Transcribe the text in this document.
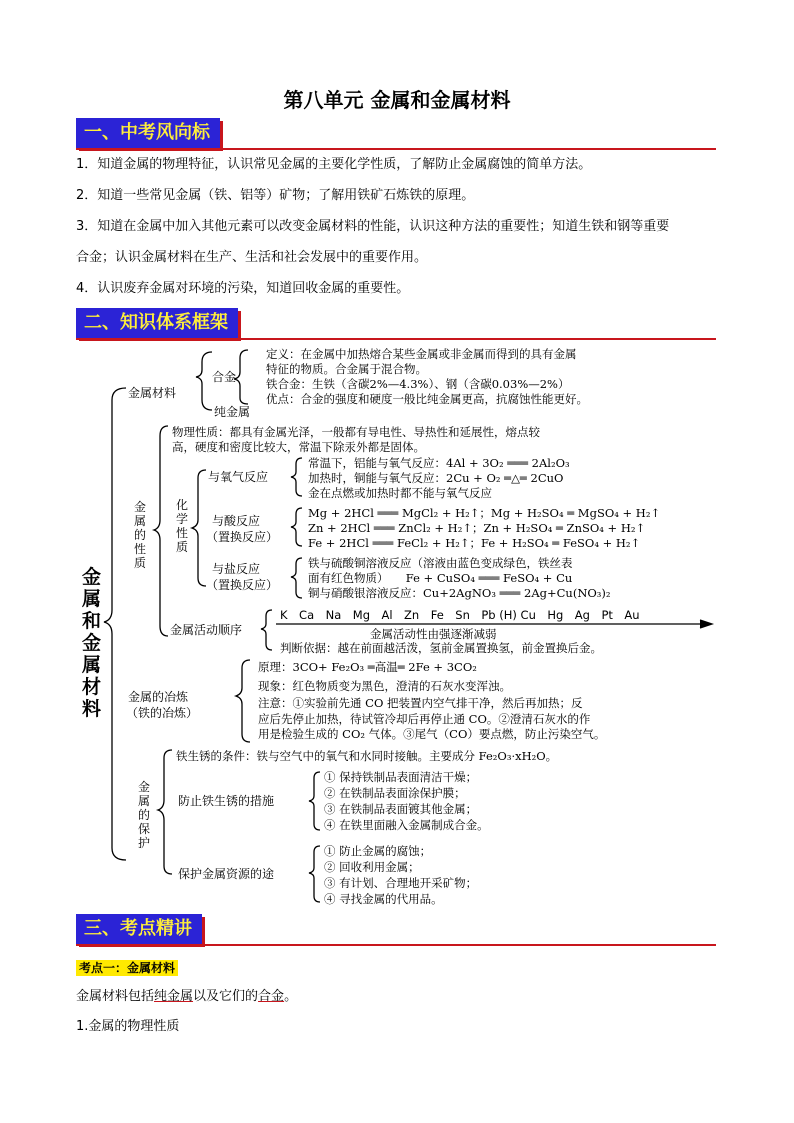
第八单元 金属和金属材料
一、中考风向标
1．知道金属的物理特征，认识常见金属的主要化学性质，了解防止金属腐蚀的简单方法。
2．知道一些常见金属（铁、铝等）矿物；了解用铁矿石炼铁的原理。
3．知道在金属中加入其他元素可以改变金属材料的性能，认识这种方法的重要性；知道生铁和钢等重要
合金；认识金属材料在生产、生活和社会发展中的重要作用。
4．认识废弃金属对环境的污染，知道回收金属的重要性。
二、知识体系框架
金属和金属材料
金属材料
合金
纯金属
定义：在金属中加热熔合某些金属或非金属而得到的具有金属
特征的物质。合金属于混合物。
铁合金：生铁（含碳2%—4.3%）、钢（含碳0.03%—2%）
优点：合金的强度和硬度一般比纯金属更高，抗腐蚀性能更好。
金属的性质
物理性质：都具有金属光泽，一般都有导电性、导热性和延展性，熔点较
高，硬度和密度比较大，常温下除汞外都是固体。
化学性质
与氧气反应
常温下，铝能与氧气反应：4Al + 3O₂ ═══ 2Al₂O₃
加热时，铜能与氧气反应：2Cu + O₂ ═△═ 2CuO
金在点燃或加热时都不能与氧气反应
与酸反应
（置换反应）
Mg + 2HCl ═══ MgCl₂ + H₂↑；Mg + H₂SO₄ ═ MgSO₄ + H₂↑
Zn + 2HCl ═══ ZnCl₂ + H₂↑；Zn + H₂SO₄ ═ ZnSO₄ + H₂↑
Fe + 2HCl ═══ FeCl₂ + H₂↑；Fe + H₂SO₄ ═ FeSO₄ + H₂↑
与盐反应
（置换反应）
铁与硫酸铜溶液反应（溶液由蓝色变成绿色，铁丝表
面有红色物质）　　Fe + CuSO₄ ═══ FeSO₄ + Cu
铜与硝酸银溶液反应：Cu+2AgNO₃ ═══ 2Ag+Cu(NO₃)₂
金属活动顺序
K　Ca　Na　Mg　Al　Zn　Fe　Sn　Pb (H) Cu　Hg　Ag　Pt　Au
金属活动性由强逐渐减弱
判断依据：越在前面越活泼，氢前金属置换氢，前金置换后金。
金属的冶炼
（铁的冶炼）
原理：3CO+ Fe₂O₃ ═高温═ 2Fe + 3CO₂
现象：红色物质变为黑色，澄清的石灰水变浑浊。
注意：①实验前先通 CO 把装置内空气排干净，然后再加热；反
应后先停止加热，待试管冷却后再停止通 CO。②澄清石灰水的作
用是检验生成的 CO₂ 气体。③尾气（CO）要点燃，防止污染空气。
金属的保护
铁生锈的条件：铁与空气中的氧气和水同时接触。主要成分 Fe₂O₃·xH₂O。
防止铁生锈的措施
① 保持铁制品表面清洁干燥；
② 在铁制品表面涂保护膜；
③ 在铁制品表面镀其他金属；
④ 在铁里面融入金属制成合金。
保护金属资源的途
① 防止金属的腐蚀；
② 回收利用金属；
③ 有计划、合理地开采矿物；
④ 寻找金属的代用品。
三、考点精讲
考点一：金属材料
金属材料包括纯金属以及它们的合金。
1.金属的物理性质
